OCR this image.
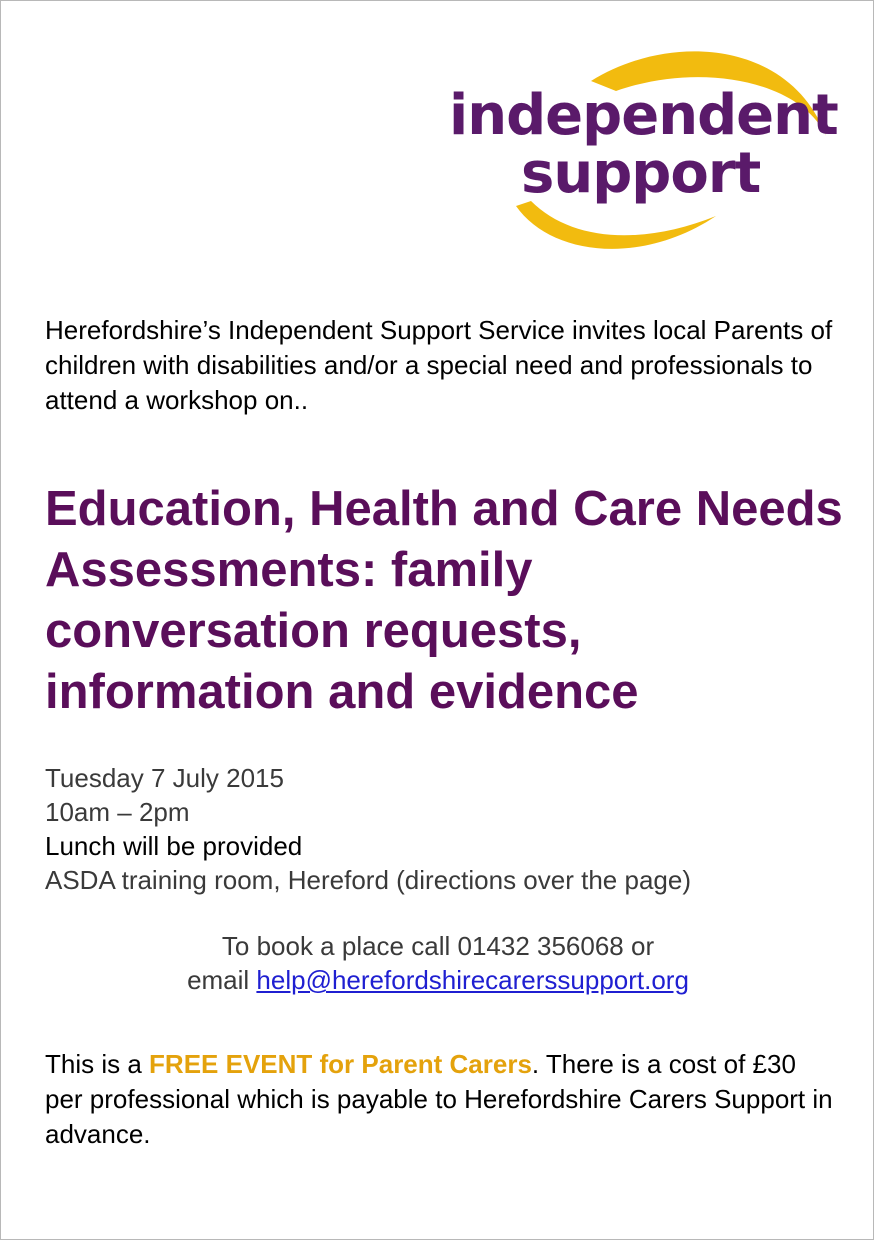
independent
support
Herefordshire’s Independent Support Service invites local Parents of children with disabilities and/or a special need and professionals to attend a workshop on..
Education, Health and Care Needs Assessments: family conversation requests, information and evidence
Tuesday 7 July 2015
10am – 2pm
Lunch will be provided
ASDA training room, Hereford (directions over the page)
To book a place call 01432 356068 or
email help@herefordshirecarerssupport.org
This is a FREE EVENT for Parent Carers. There is a cost of £30 per professional which is payable to Herefordshire Carers Support in advance.
